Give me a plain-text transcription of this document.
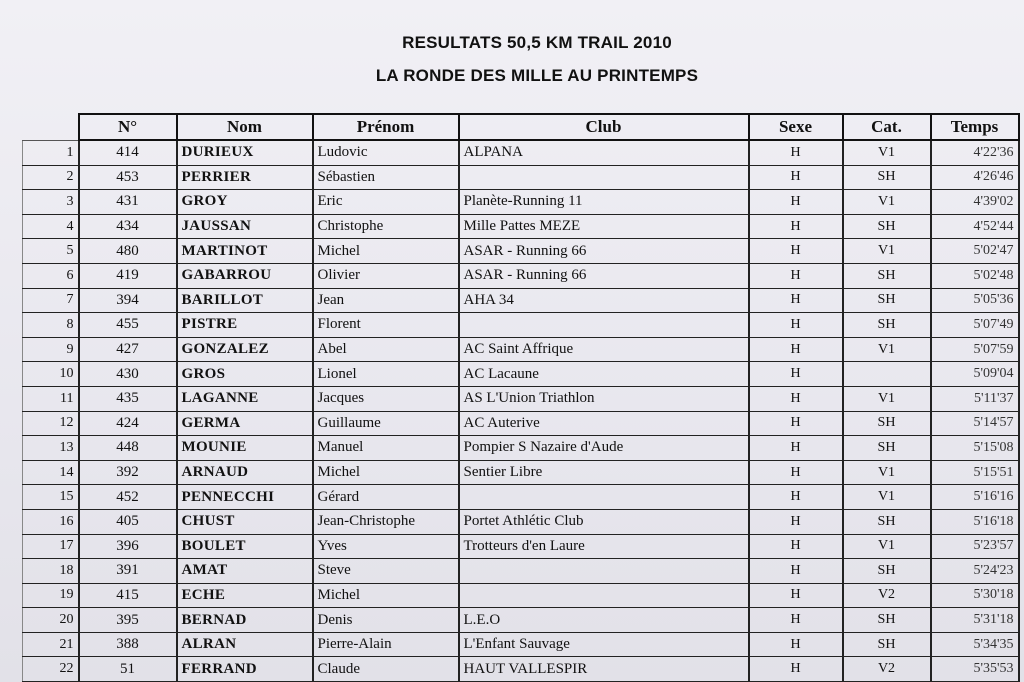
RESULTATS 50,5 KM TRAIL 2010
LA RONDE DES MILLE AU PRINTEMPS
	N°	Nom	Prénom	Club	Sexe	Cat.	Temps
1	414	DURIEUX	Ludovic	ALPANA	H	V1	4'22'36
2	453	PERRIER	Sébastien		H	SH	4'26'46
3	431	GROY	Eric	Planète-Running 11	H	V1	4'39'02
4	434	JAUSSAN	Christophe	Mille Pattes MEZE	H	SH	4'52'44
5	480	MARTINOT	Michel	ASAR - Running 66	H	V1	5'02'47
6	419	GABARROU	Olivier	ASAR - Running 66	H	SH	5'02'48
7	394	BARILLOT	Jean	AHA 34	H	SH	5'05'36
8	455	PISTRE	Florent		H	SH	5'07'49
9	427	GONZALEZ	Abel	AC Saint Affrique	H	V1	5'07'59
10	430	GROS	Lionel	AC Lacaune	H		5'09'04
11	435	LAGANNE	Jacques	AS L'Union Triathlon	H	V1	5'11'37
12	424	GERMA	Guillaume	AC Auterive	H	SH	5'14'57
13	448	MOUNIE	Manuel	Pompier S Nazaire d'Aude	H	SH	5'15'08
14	392	ARNAUD	Michel	Sentier Libre	H	V1	5'15'51
15	452	PENNECCHI	Gérard		H	V1	5'16'16
16	405	CHUST	Jean-Christophe	Portet Athlétic Club	H	SH	5'16'18
17	396	BOULET	Yves	Trotteurs d'en Laure	H	V1	5'23'57
18	391	AMAT	Steve		H	SH	5'24'23
19	415	ECHE	Michel		H	V2	5'30'18
20	395	BERNAD	Denis	L.E.O	H	SH	5'31'18
21	388	ALRAN	Pierre-Alain	L'Enfant Sauvage	H	SH	5'34'35
22	51	FERRAND	Claude	HAUT VALLESPIR	H	V2	5'35'53
